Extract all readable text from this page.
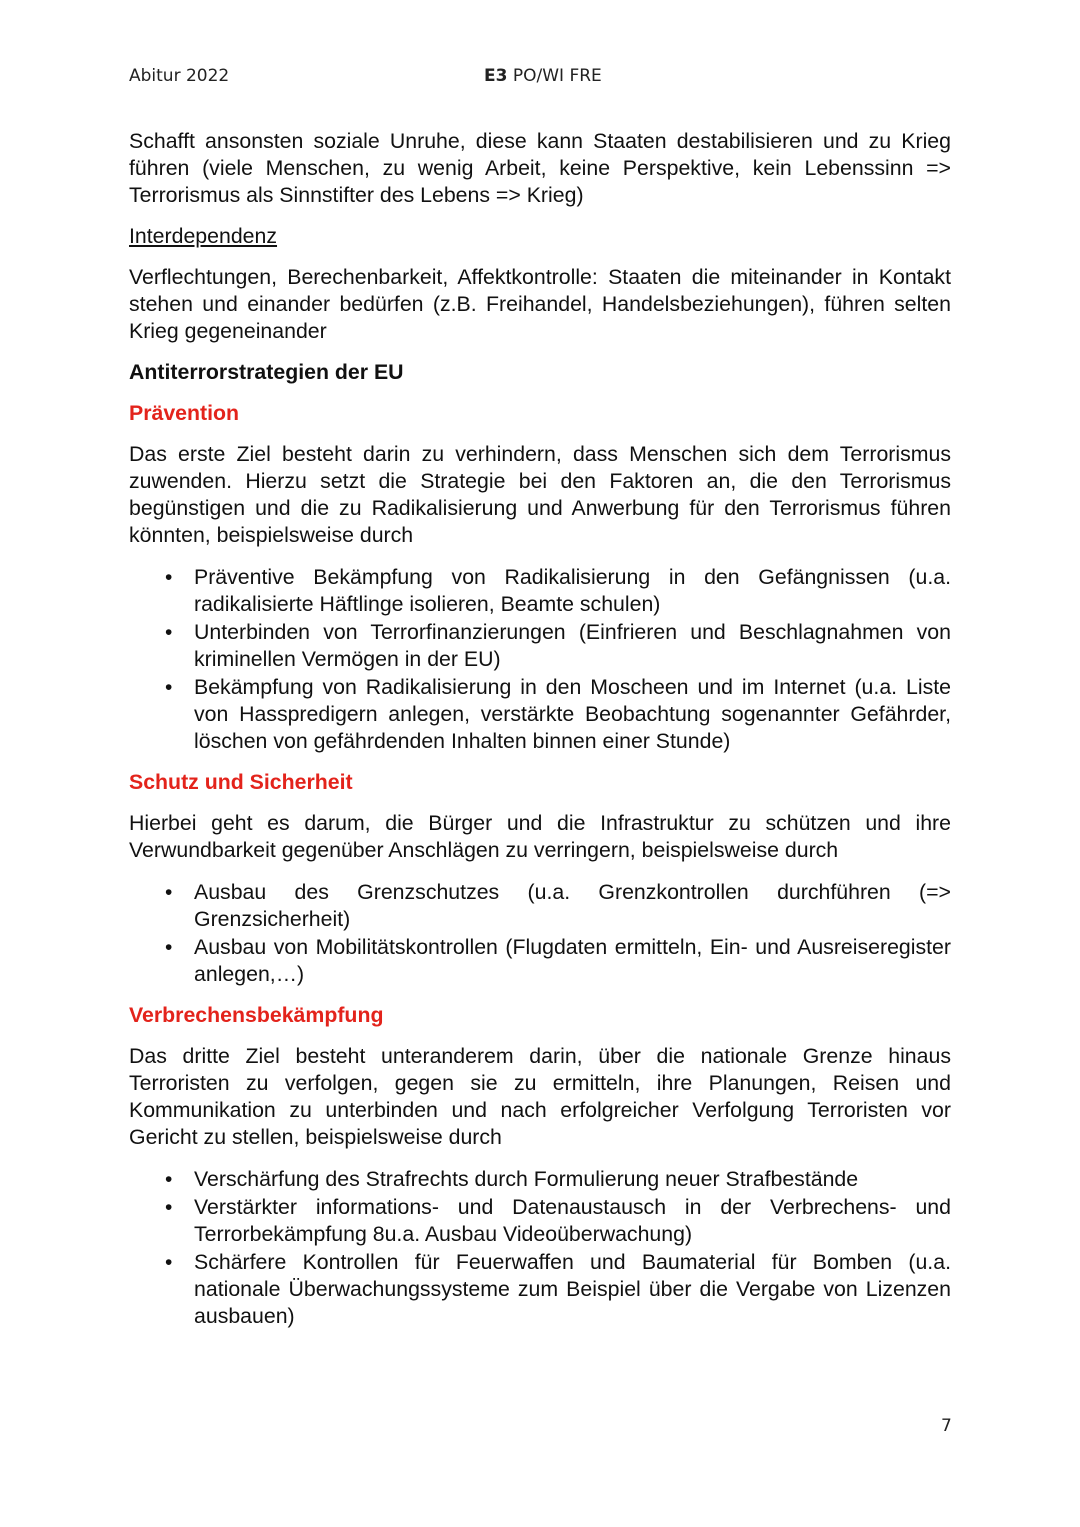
Abitur 2022	E3 PO/WI FRE

Schafft ansonsten soziale Unruhe, diese kann Staaten destabilisieren und zu Krieg führen (viele Menschen, zu wenig Arbeit, keine Perspektive, kein Lebenssinn => Terrorismus als Sinnstifter des Lebens => Krieg)

Interdependenz

Verflechtungen, Berechenbarkeit, Affektkontrolle: Staaten die miteinander in Kontakt stehen und einander bedürfen (z.B. Freihandel, Handelsbeziehungen), führen selten Krieg gegeneinander

Antiterrorstrategien der EU
Prävention

Das erste Ziel besteht darin zu verhindern, dass Menschen sich dem Terrorismus zuwenden. Hierzu setzt die Strategie bei den Faktoren an, die den Terrorismus begünstigen und die zu Radikalisierung und Anwerbung für den Terrorismus führen könnten, beispielsweise durch

• Präventive Bekämpfung von Radikalisierung in den Gefängnissen (u.a. radikalisierte Häftlinge isolieren, Beamte schulen)
• Unterbinden von Terrorfinanzierungen (Einfrieren und Beschlagnahmen von kriminellen Vermögen in der EU)
• Bekämpfung von Radikalisierung in den Moscheen und im Internet (u.a. Liste von Hasspredigern anlegen, verstärkte Beobachtung sogenannter Gefährder, löschen von gefährdenden Inhalten binnen einer Stunde)
Schutz und Sicherheit

Hierbei geht es darum, die Bürger und die Infrastruktur zu schützen und ihre Verwundbarkeit gegenüber Anschlägen zu verringern, beispielsweise durch

• Ausbau des Grenzschutzes (u.a. Grenzkontrollen durchführen (=> Grenzsicherheit)
• Ausbau von Mobilitätskontrollen (Flugdaten ermitteln, Ein- und Ausreiseregister anlegen,…)
Verbrechensbekämpfung

Das dritte Ziel besteht unteranderem darin, über die nationale Grenze hinaus Terroristen zu verfolgen, gegen sie zu ermitteln, ihre Planungen, Reisen und Kommunikation zu unterbinden und nach erfolgreicher Verfolgung Terroristen vor Gericht zu stellen, beispielsweise durch

• Verschärfung des Strafrechts durch Formulierung neuer Strafbestände
• Verstärkter informations- und Datenaustausch in der Verbrechens- und Terrorbekämpfung 8u.a. Ausbau Videoüberwachung)
• Schärfere Kontrollen für Feuerwaffen und Baumaterial für Bomben (u.a. nationale Überwachungssysteme zum Beispiel über die Vergabe von Lizenzen ausbauen)
7
